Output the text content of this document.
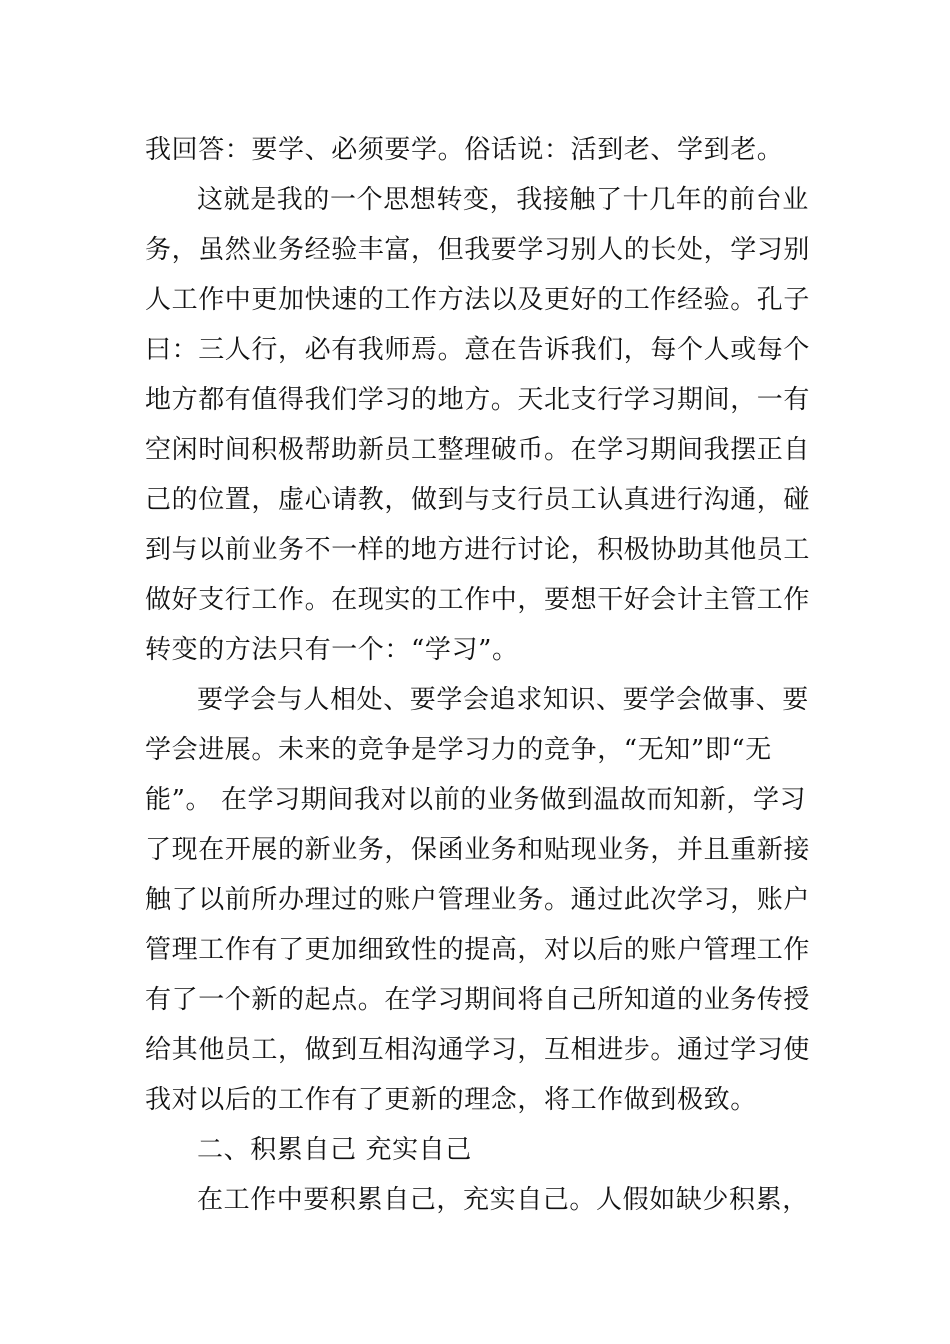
我回答：要学、必须要学。俗话说：活到老、学到老。

这就是我的一个思想转变，我接触了十几年的前台业

务，虽然业务经验丰富，但我要学习别人的长处，学习别

人工作中更加快速的工作方法以及更好的工作经验。孔子

曰：三人行，必有我师焉。意在告诉我们，每个人或每个

地方都有值得我们学习的地方。天北支行学习期间，一有

空闲时间积极帮助新员工整理破币。在学习期间我摆正自

己的位置，虚心请教，做到与支行员工认真进行沟通，碰

到与以前业务不一样的地方进行讨论，积极协助其他员工

做好支行工作。在现实的工作中，要想干好会计主管工作

转变的方法只有一个：“学习”。

要学会与人相处、要学会追求知识、要学会做事、要

学会进展。未来的竞争是学习力的竞争，“无知”即“无

能”。 在学习期间我对以前的业务做到温故而知新，学习

了现在开展的新业务，保函业务和贴现业务，并且重新接

触了以前所办理过的账户管理业务。通过此次学习，账户

管理工作有了更加细致性的提高，对以后的账户管理工作

有了一个新的起点。在学习期间将自己所知道的业务传授

给其他员工，做到互相沟通学习，互相进步。通过学习使

我对以后的工作有了更新的理念，将工作做到极致。

二、积累自己 充实自己

在工作中要积累自己，充实自己。人假如缺少积累，
